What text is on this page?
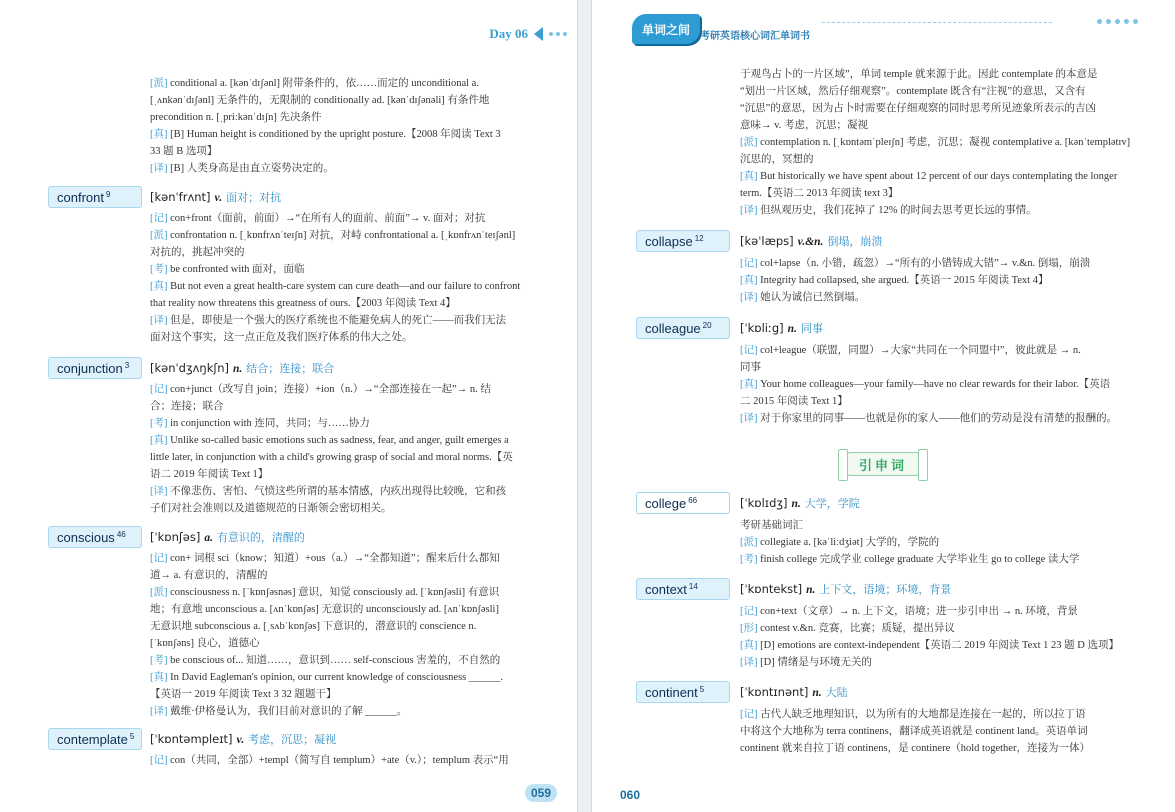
Day 06
[派] conditional a. [kənˈdɪʃənl] 附带条件的，依……而定的 unconditional a.
[ˌʌnkənˈdɪʃənl] 无条件的，无限制的 conditionally ad. [kənˈdɪʃənəli] 有条件地
precondition n. [ˌpriːkənˈdɪʃn] 先决条件
[真] [B] Human height is conditioned by the upright posture.【2008 年阅读 Text 3
33 题 B 选项】
[译] [B] 人类身高是由直立姿势决定的。
confront $^9$	[kənˈfrʌnt] v. 面对；对抗
[记] con+front（面前，前面）→“在所有人的面前、前面”→ v. 面对；对抗
[派] confrontation n. [ˌkɒnfrʌnˈteɪʃn] 对抗，对峙 confrontational a. [ˌkɒnfrʌnˈteɪʃənl]
对抗的，挑起冲突的
[考] be confronted with 面对，面临
[真] But not even a great health-care system can cure death—and our failure to confront
that reality now threatens this greatness of ours.【2003 年阅读 Text 4】
[译] 但是，即使是一个强大的医疗系统也不能避免病人的死亡——而我们无法
面对这个事实，这一点正危及我们医疗体系的伟大之处。
conjunction $^3$ [kənˈdʒʌŋkʃn] n. 结合；连接；联合
[记] con+junct（改写自 join；连接）+ion（n.）→“全部连接在一起”→ n. 结
合；连接；联合
[考] in conjunction with 连同，共同；与……协力
[真] Unlike so-called basic emotions such as sadness, fear, and anger, guilt emerges a
little later, in conjunction with a child's growing grasp of social and moral norms.【英
语二 2019 年阅读 Text 1】
[译] 不像悲伤、害怕、气愤这些所谓的基本情感，内疚出现得比较晚，它和孩
子们对社会准则以及道德规范的日渐领会密切相关。
conscious $^{46}$ [ˈkɒnʃəs] a. 有意识的，清醒的
[记] con+ 词根 sci（know；知道）+ous（a.）→“全都知道”；醒来后什么都知
道→ a. 有意识的，清醒的
[派] consciousness n. [ˈkɒnʃəsnəs] 意识，知觉 consciously ad. [ˈkɒnʃəsli] 有意识
地；有意地 unconscious a. [ʌnˈkɒnʃəs] 无意识的 unconsciously ad. [ʌnˈkɒnʃəsli]
无意识地 subconscious a. [ˌsʌbˈkɒnʃəs] 下意识的，潜意识的 conscience n.
[ˈkɒnʃəns] 良心，道德心
[考] be conscious of... 知道……，意识到…… self-conscious 害羞的，不自然的
[真] In David Eagleman's opinion, our current knowledge of consciousness ______.
【英语一 2019 年阅读 Text 3 32 题题干】
[译] 戴维·伊格曼认为，我们目前对意识的了解 ______。
contemplate $^5$ [ˈkɒntəmpleɪt] v. 考虑，沉思；凝视
[记] con（共同，全部）+templ（简写自 templum）+ate（v.）；templum 表示“用
059
单词之间 考研英语核心词汇单词书
于观鸟占卜的一片区域”，单词 temple 就来源于此。因此 contemplate 的本意是
“划出一片区域，然后仔细观察”。contemplate 既含有“注视”的意思，又含有
“沉思”的意思，因为占卜时需要在仔细观察的同时思考所见迹象所表示的吉凶
意味→ v. 考虑，沉思；凝视
[派] contemplation n. [ˌkɒntəmˈpleɪʃn] 考虑，沉思；凝视 contemplative a. [kənˈtemplətɪv]
沉思的，冥想的
[真] But historically we have spent about 12 percent of our days contemplating the longer
term.【英语二 2013 年阅读 text 3】
[译] 但纵观历史，我们花掉了 12% 的时间去思考更长远的事情。
collapse $^{12}$	[kəˈlæps] v.&n. 倒塌，崩溃
[记] col+lapse（n. 小错，疏忽）→“所有的小错铸成大错”→ v.&n. 倒塌，崩溃
[真] Integrity had collapsed, she argued.【英语一 2015 年阅读 Text 4】
[译] 她认为诚信已然倒塌。
colleague $^{20}$ [ˈkɒliːg] n. 同事
[记] col+league（联盟，同盟）→大家“共同在一个同盟中”，彼此就是 → n.
同事
[真] Your home colleagues—your family—have no clear rewards for their labor.【英语
二 2015 年阅读 Text 1】
[译] 对于你家里的同事——也就是你的家人——他们的劳动是没有清楚的报酬的。
引申词
college $^{66}$	[ˈkɒlɪdʒ] n. 大学，学院
考研基础词汇
[派] collegiate a. [kəˈliːdʒiət] 大学的，学院的
[考] finish college 完成学业 college graduate 大学毕业生 go to college 读大学
context $^{14}$	[ˈkɒntekst] n. 上下文，语境；环境，背景
[记] con+text（文章）→ n. 上下文，语境；进一步引申出 → n. 环境，背景
[形] contest v.&n. 竞赛，比赛；质疑，提出异议
[真] [D] emotions are context-independent【英语二 2019 年阅读 Text 1 23 题 D 选项】
[译] [D] 情绪是与环境无关的
continent $^5$	[ˈkɒntɪnənt] n. 大陆
[记] 古代人缺乏地理知识，以为所有的大地都是连接在一起的，所以拉丁语
中将这个大地称为 terra continens，翻译成英语就是 continent land。英语单词
continent 就来自拉丁语 continens，是 continere（hold together，连接为一体）
060
